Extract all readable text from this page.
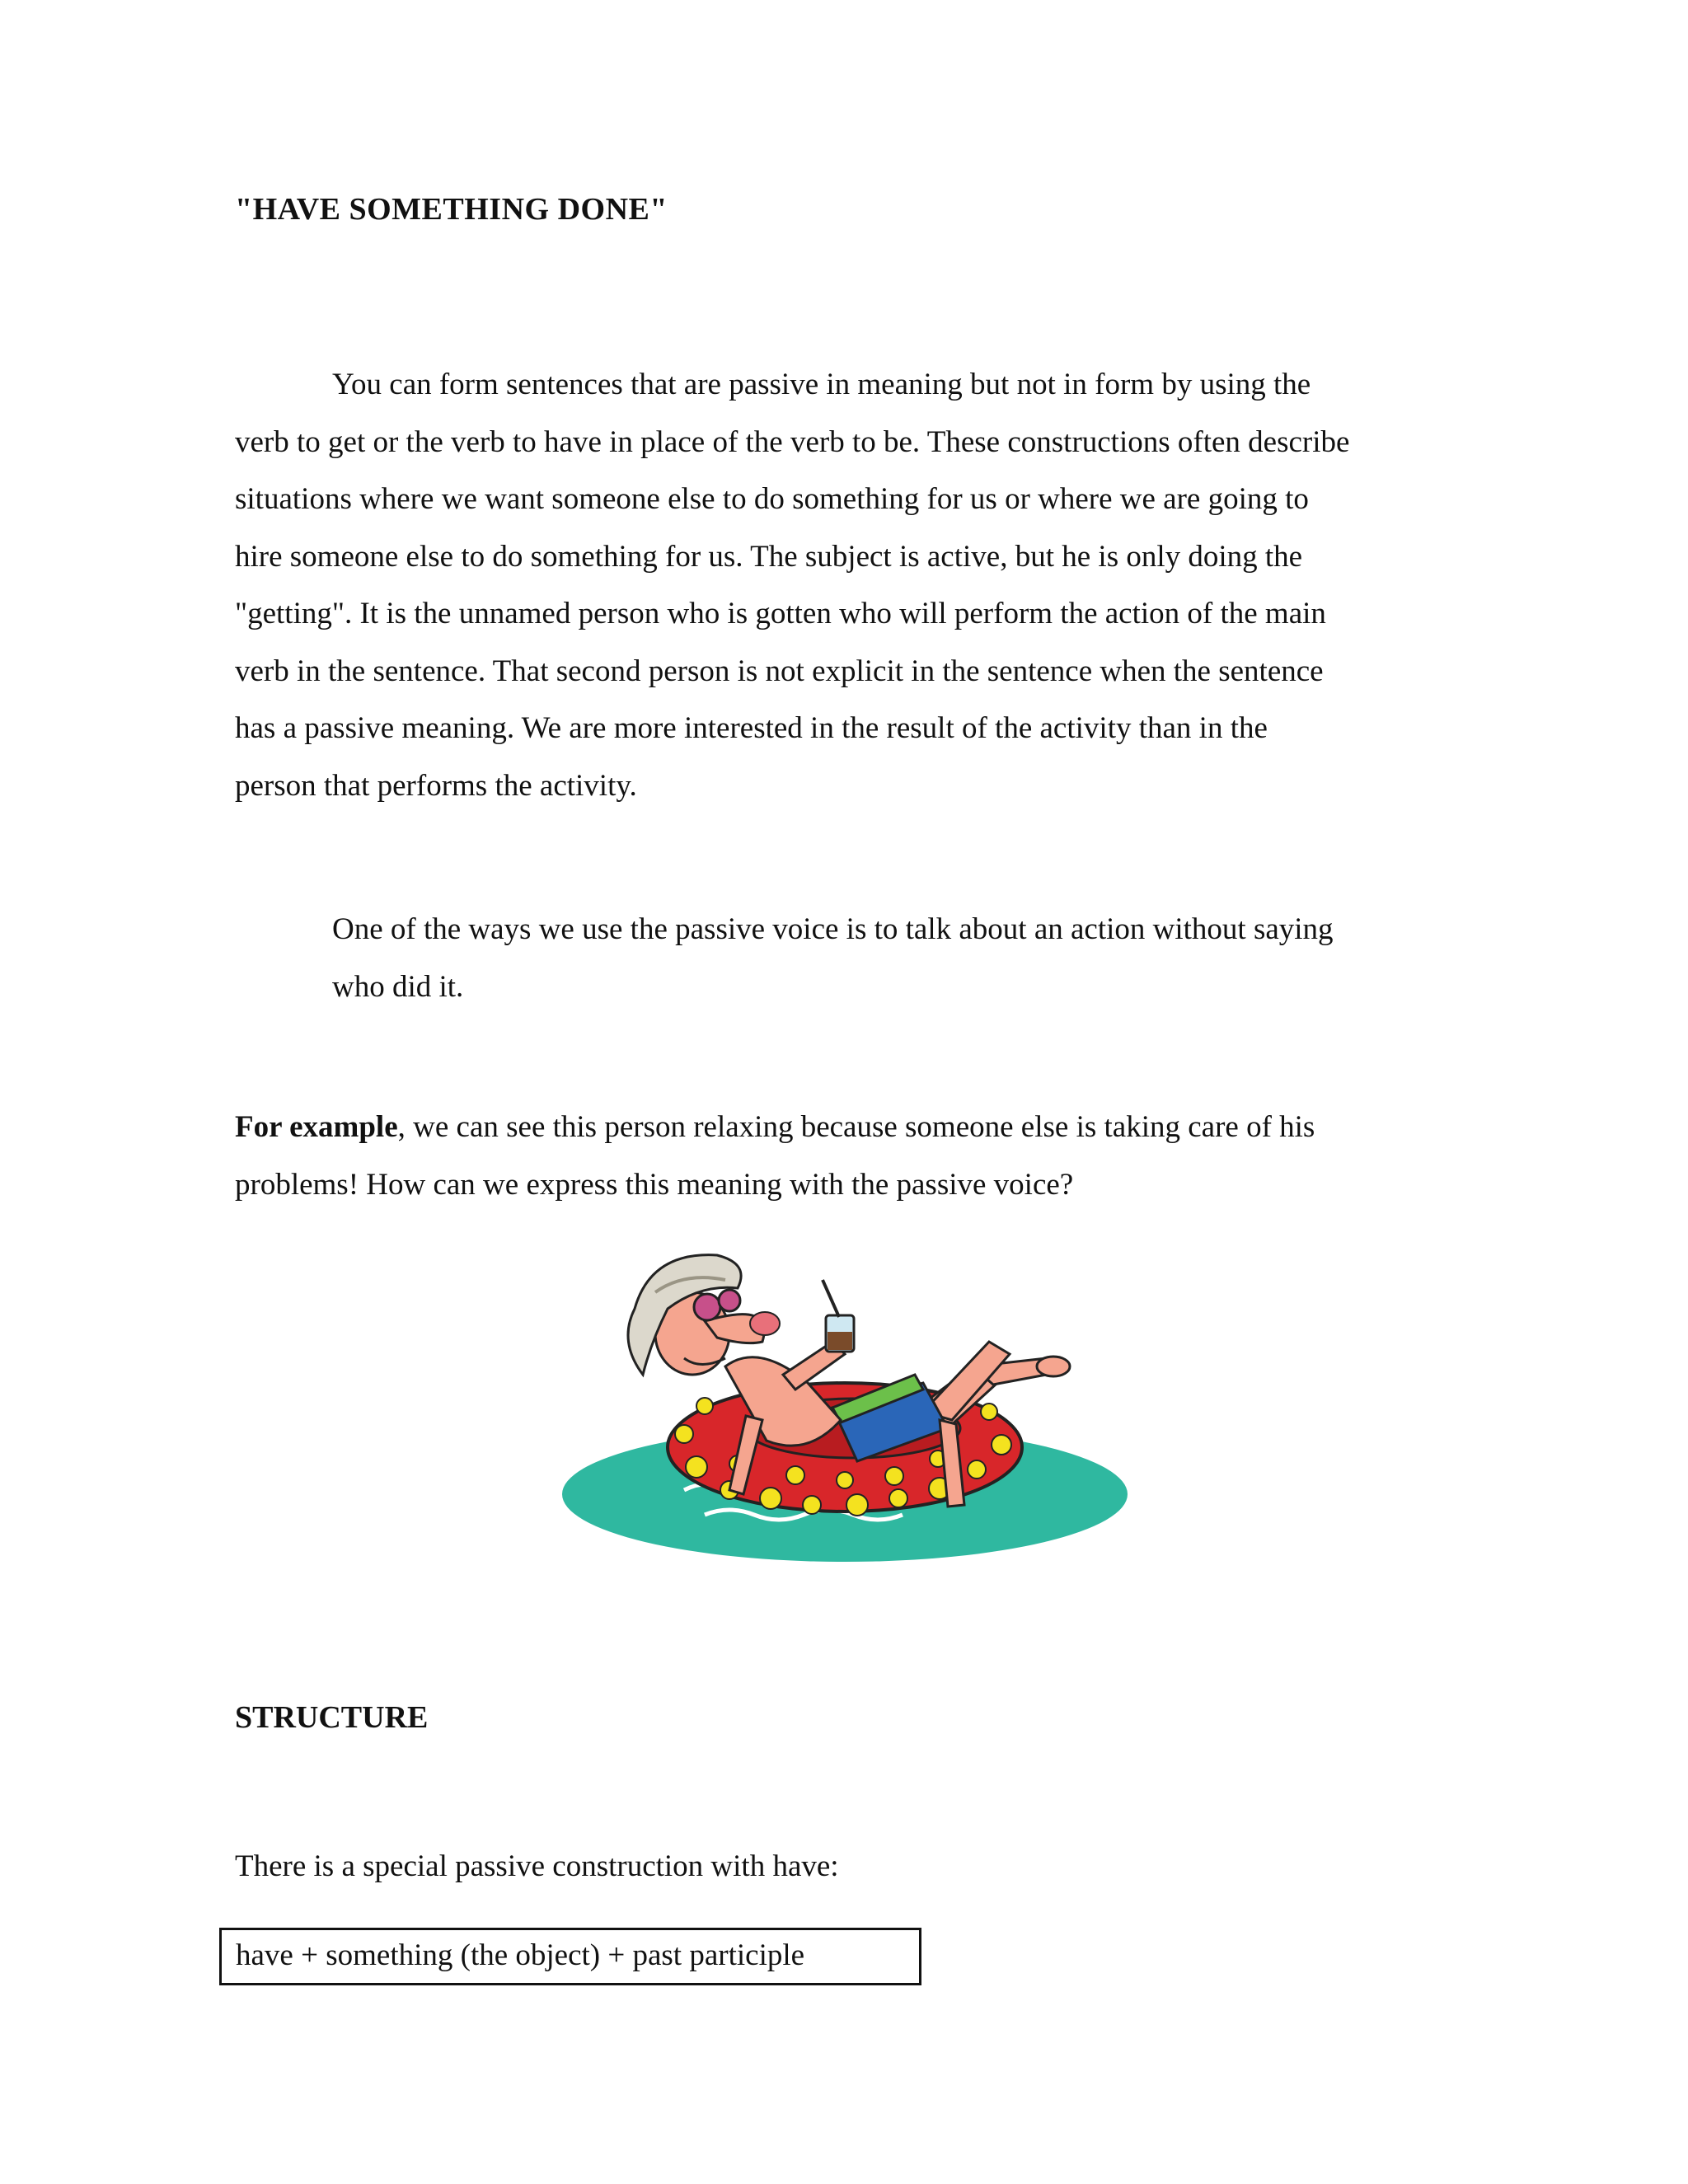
"HAVE SOMETHING DONE"
You can form sentences that are passive in meaning but not in form by using the
verb to get or the verb to have in place of the verb to be. These constructions often describe
situations where we want someone else to do something for us or where we are going to
hire someone else to do something for us. The subject is active, but he is only doing the
"getting". It is the unnamed person who is gotten who will perform the action of the main
verb in the sentence. That second person is not explicit in the sentence when the sentence
has a passive meaning. We are more interested in the result of the activity than in the
person that performs the activity.
One of the ways we use the passive voice is to talk about an action without saying
who did it.
For example, we can see this person relaxing because someone else is taking care of his
problems! How can we express this meaning with the passive voice?
STRUCTURE
There is a special passive construction with have:
have + something (the object) + past participle
